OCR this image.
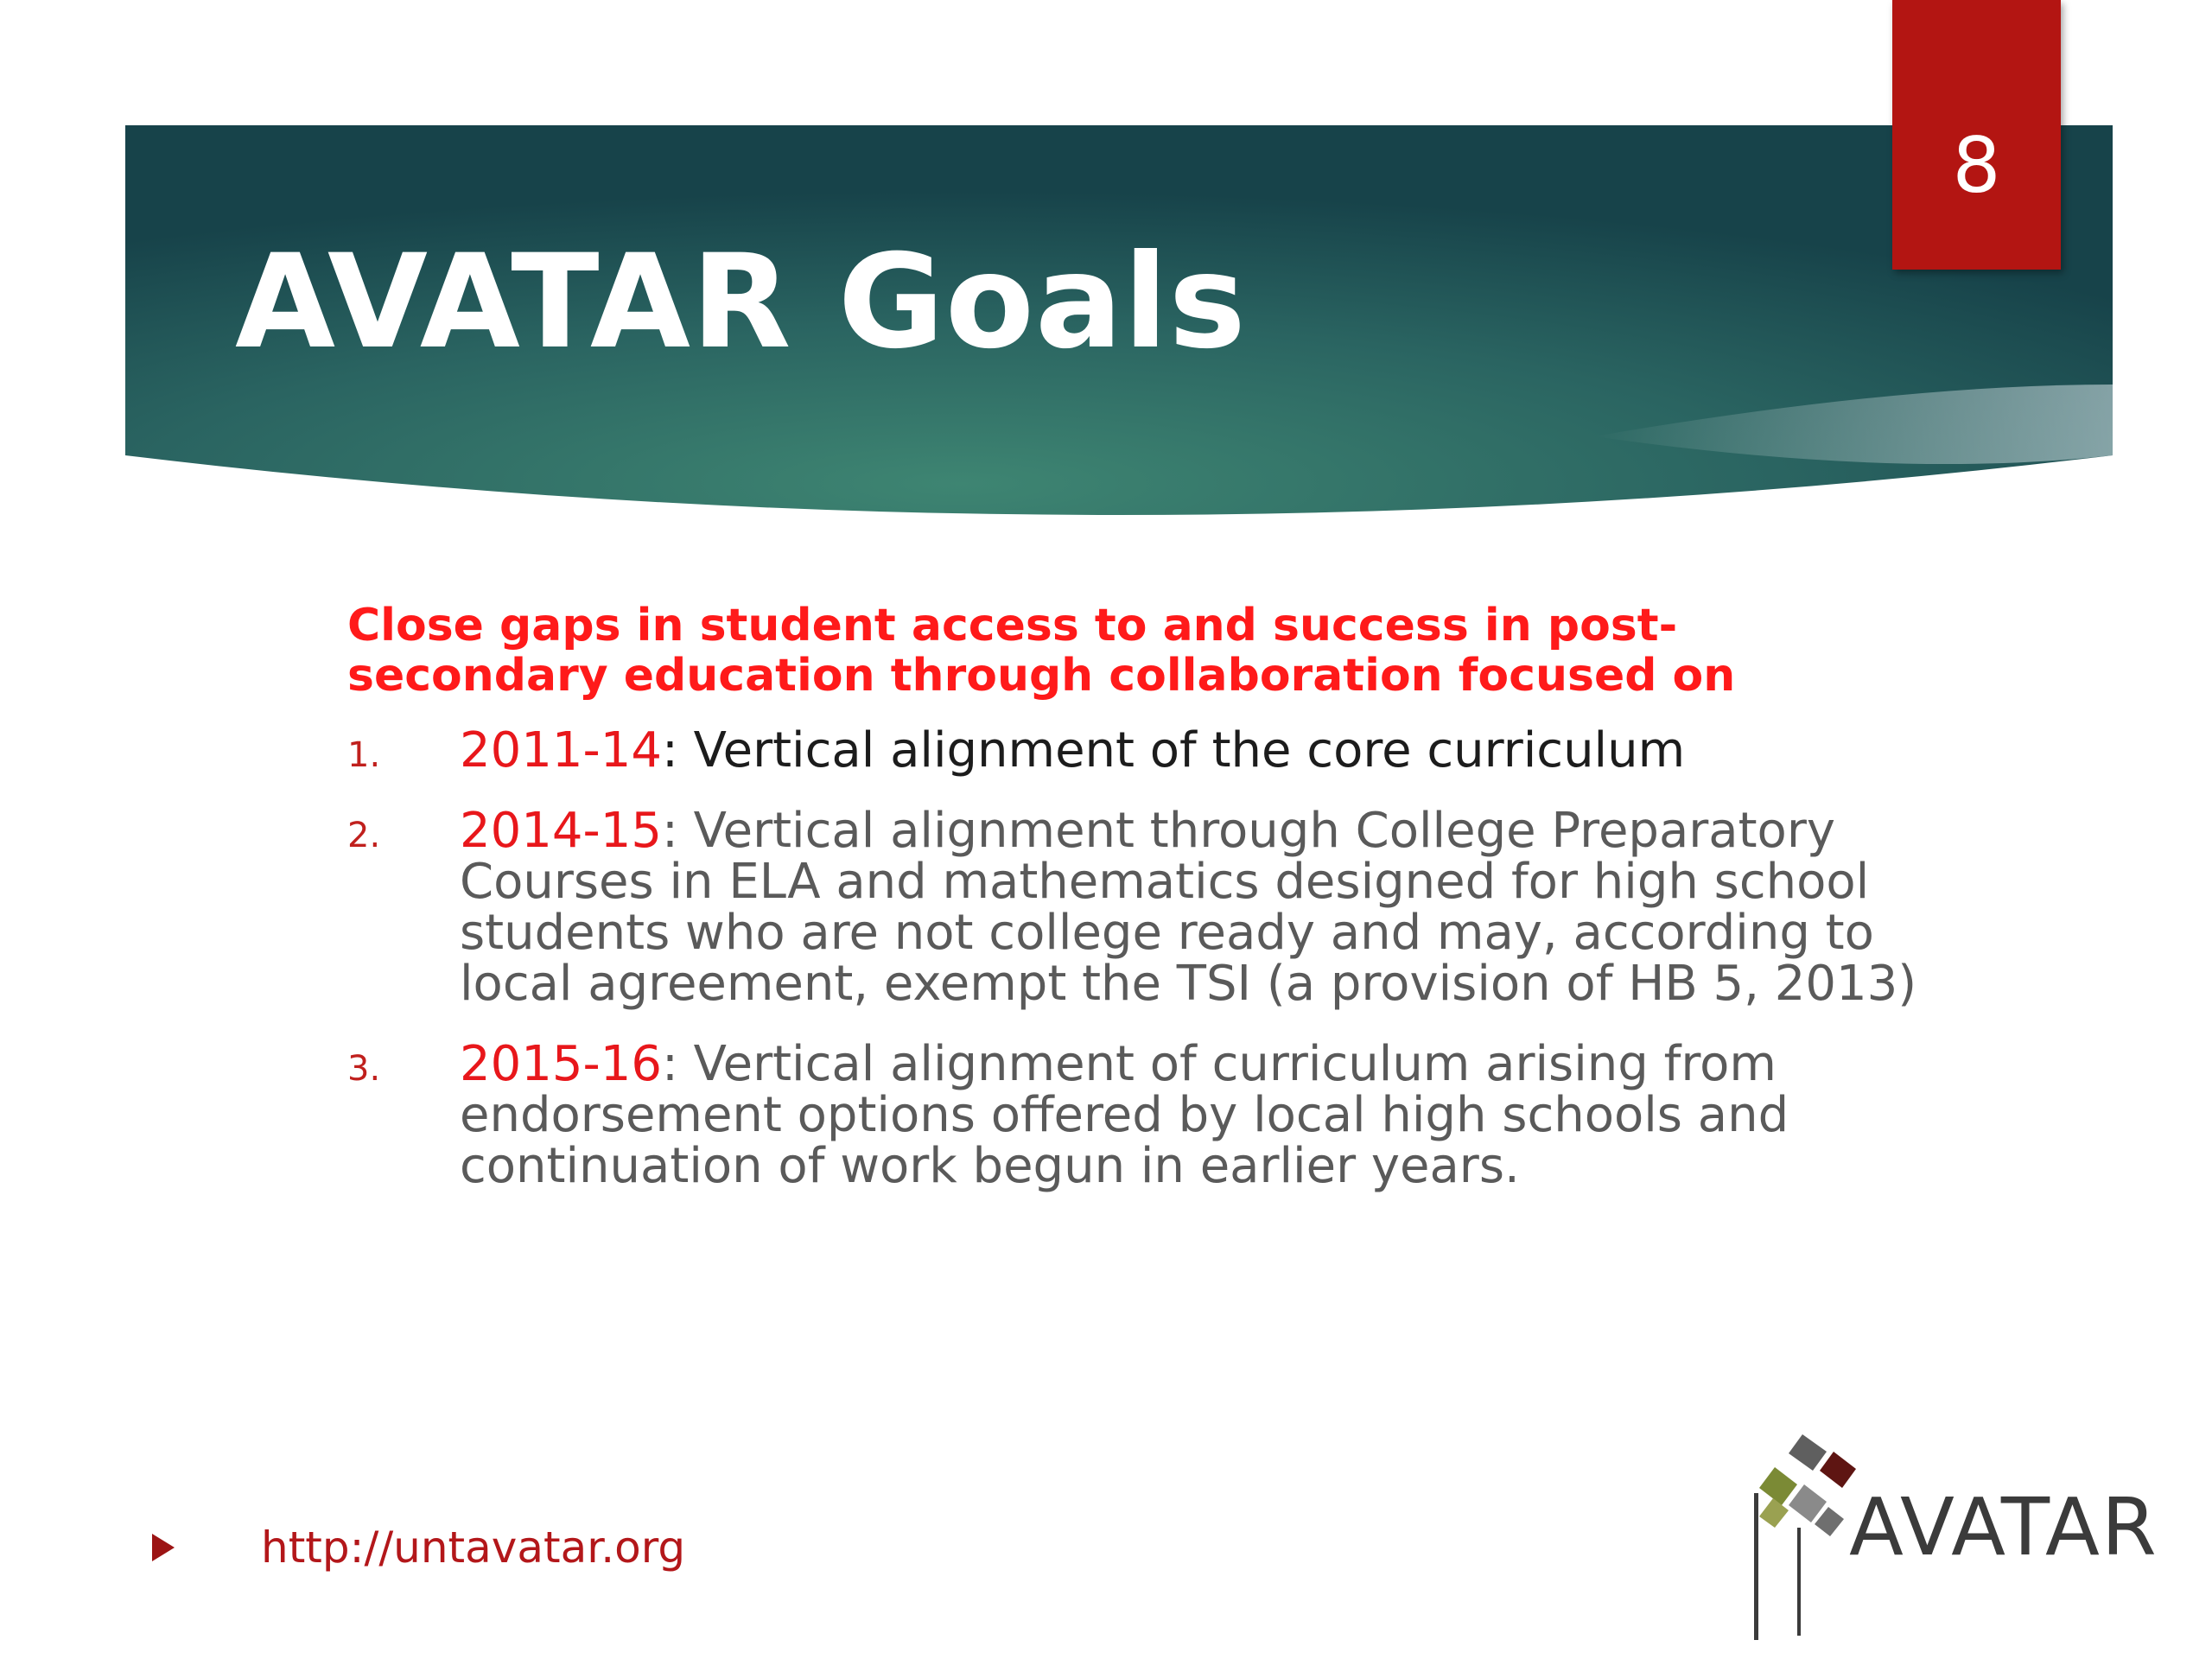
8
AVATAR Goals

Close gaps in student access to and success in post-secondary education through collaboration focused on

1. 2011-14: Vertical alignment of the core curriculum
2. 2014-15: Vertical alignment through College Preparatory Courses in ELA and mathematics designed for high school students who are not college ready and may, according to local agreement, exempt the TSI (a provision of HB 5, 2013)
3. 2015-16: Vertical alignment of curriculum arising from endorsement options offered by local high schools and continuation of work begun in earlier years.
http://untavatar.org	AVATAR
